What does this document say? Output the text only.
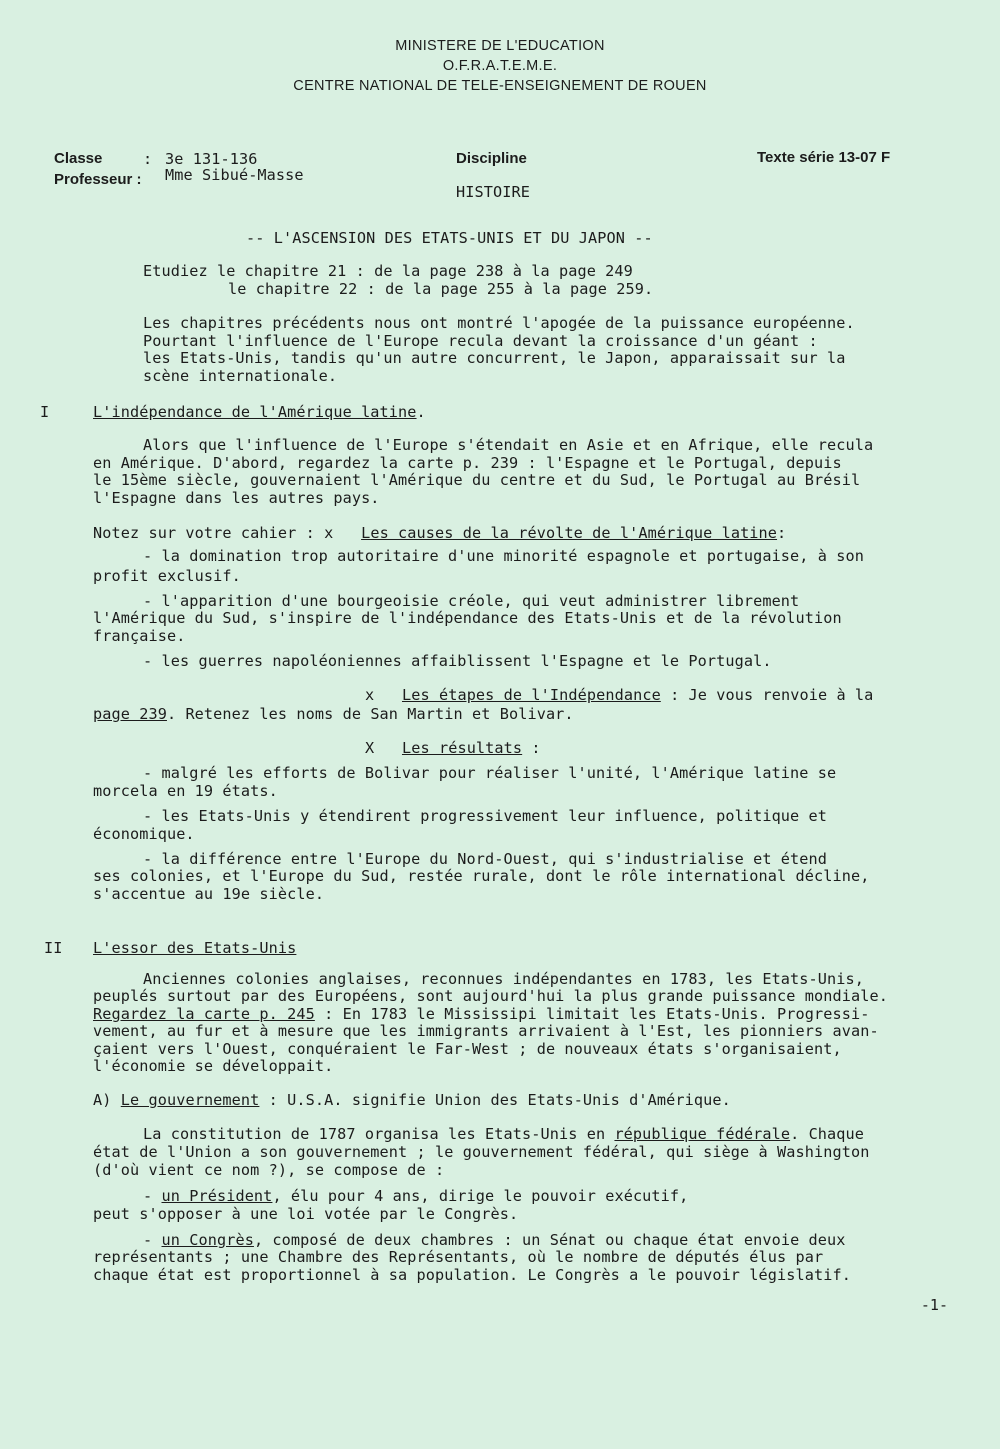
MINISTERE DE L'EDUCATION
O.F.R.A.T.E.M.E.
CENTRE NATIONAL DE TELE-ENSEIGNEMENT DE ROUEN
Classe	: 3e 131-136
Professeur : Mme Sibué-Masse
Discipline
HISTOIRE
Texte série 13-07 F
-- L'ASCENSION DES ETATS-UNIS ET DU JAPON --
Etudiez le chapitre 21 : de la page 238 à la page 249
le chapitre 22 : de la page 255 à la page 259.
Les chapitres précédents nous ont montré l'apogée de la puissance européenne.
Pourtant l'influence de l'Europe recula devant la croissance d'un géant :
les Etats-Unis, tandis qu'un autre concurrent, le Japon, apparaissait sur la
scène internationale.
I	L'indépendance de l'Amérique latine.
Alors que l'influence de l'Europe s'étendait en Asie et en Afrique, elle recula
en Amérique. D'abord, regardez la carte p. 239 : l'Espagne et le Portugal, depuis
le 15ème siècle, gouvernaient l'Amérique du centre et du Sud, le Portugal au Brésil
l'Espagne dans les autres pays.
Notez sur votre cahier : x Les causes de la révolte de l'Amérique latine:
- la domination trop autoritaire d'une minorité espagnole et portugaise, à son
profit exclusif.
- l'apparition d'une bourgeoisie créole, qui veut administrer librement
l'Amérique du Sud, s'inspire de l'indépendance des Etats-Unis et de la révolution
française.
- les guerres napoléoniennes affaiblissent l'Espagne et le Portugal.
x Les étapes de l'Indépendance : Je vous renvoie à la
page 239. Retenez les noms de San Martin et Bolivar.
X Les résultats :
- malgré les efforts de Bolivar pour réaliser l'unité, l'Amérique latine se
morcela en 19 états.
- les Etats-Unis y étendirent progressivement leur influence, politique et
économique.
- la différence entre l'Europe du Nord-Ouest, qui s'industrialise et étend
ses colonies, et l'Europe du Sud, restée rurale, dont le rôle international décline,
s'accentue au 19e siècle.
II L'essor des Etats-Unis
Anciennes colonies anglaises, reconnues indépendantes en 1783, les Etats-Unis,
peuplés surtout par des Européens, sont aujourd'hui la plus grande puissance mondiale.
Regardez la carte p. 245 : En 1783 le Mississipi limitait les Etats-Unis. Progressi-
vement, au fur et à mesure que les immigrants arrivaient à l'Est, les pionniers avan-
çaient vers l'Ouest, conquéraient le Far-West ; de nouveaux états s'organisaient,
l'économie se développait.
A) Le gouvernement : U.S.A. signifie Union des Etats-Unis d'Amérique.
La constitution de 1787 organisa les Etats-Unis en république fédérale. Chaque
état de l'Union a son gouvernement ; le gouvernement fédéral, qui siège à Washington
(d'où vient ce nom ?), se compose de :
- un Président, élu pour 4 ans, dirige le pouvoir exécutif,
peut s'opposer à une loi votée par le Congrès.
- un Congrès, composé de deux chambres : un Sénat ou chaque état envoie deux
représentants ; une Chambre des Représentants, où le nombre de députés élus par
chaque état est proportionnel à sa population. Le Congrès a le pouvoir législatif.
-1-
